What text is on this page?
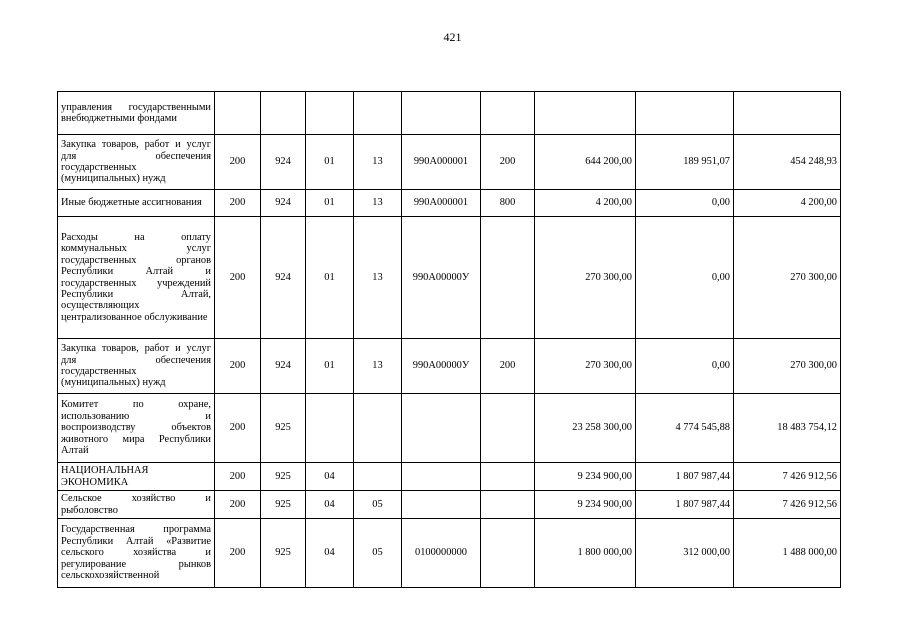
421
управления государственными внебюджетными фондами									
Закупка товаров, работ и услуг для обеспечения государственных (муниципальных) нужд	200	924	01	13	990А000001	200	644 200,00	189 951,07	454 248,93
Иные бюджетные ассигнования	200	924	01	13	990А000001	800	4 200,00	0,00	4 200,00
Расходы на оплату коммунальных услуг государственных органов Республики Алтай и государственных учреждений Республики Алтай, осуществляющих централизованное обслуживание	200	924	01	13	990А00000У		270 300,00	0,00	270 300,00
Закупка товаров, работ и услуг для обеспечения государственных (муниципальных) нужд	200	924	01	13	990А00000У	200	270 300,00	0,00	270 300,00
Комитет по охране, использованию и воспроизводству объектов животного мира Республики Алтай	200	925					23 258 300,00	4 774 545,88	18 483 754,12
НАЦИОНАЛЬНАЯ ЭКОНОМИКА	200	925	04				9 234 900,00	1 807 987,44	7 426 912,56
Сельское хозяйство и рыболовство	200	925	04	05			9 234 900,00	1 807 987,44	7 426 912,56
Государственная программа Республики Алтай «Развитие сельского хозяйства и регулирование рынков сельскохозяйственной	200	925	04	05	0100000000		1 800 000,00	312 000,00	1 488 000,00
